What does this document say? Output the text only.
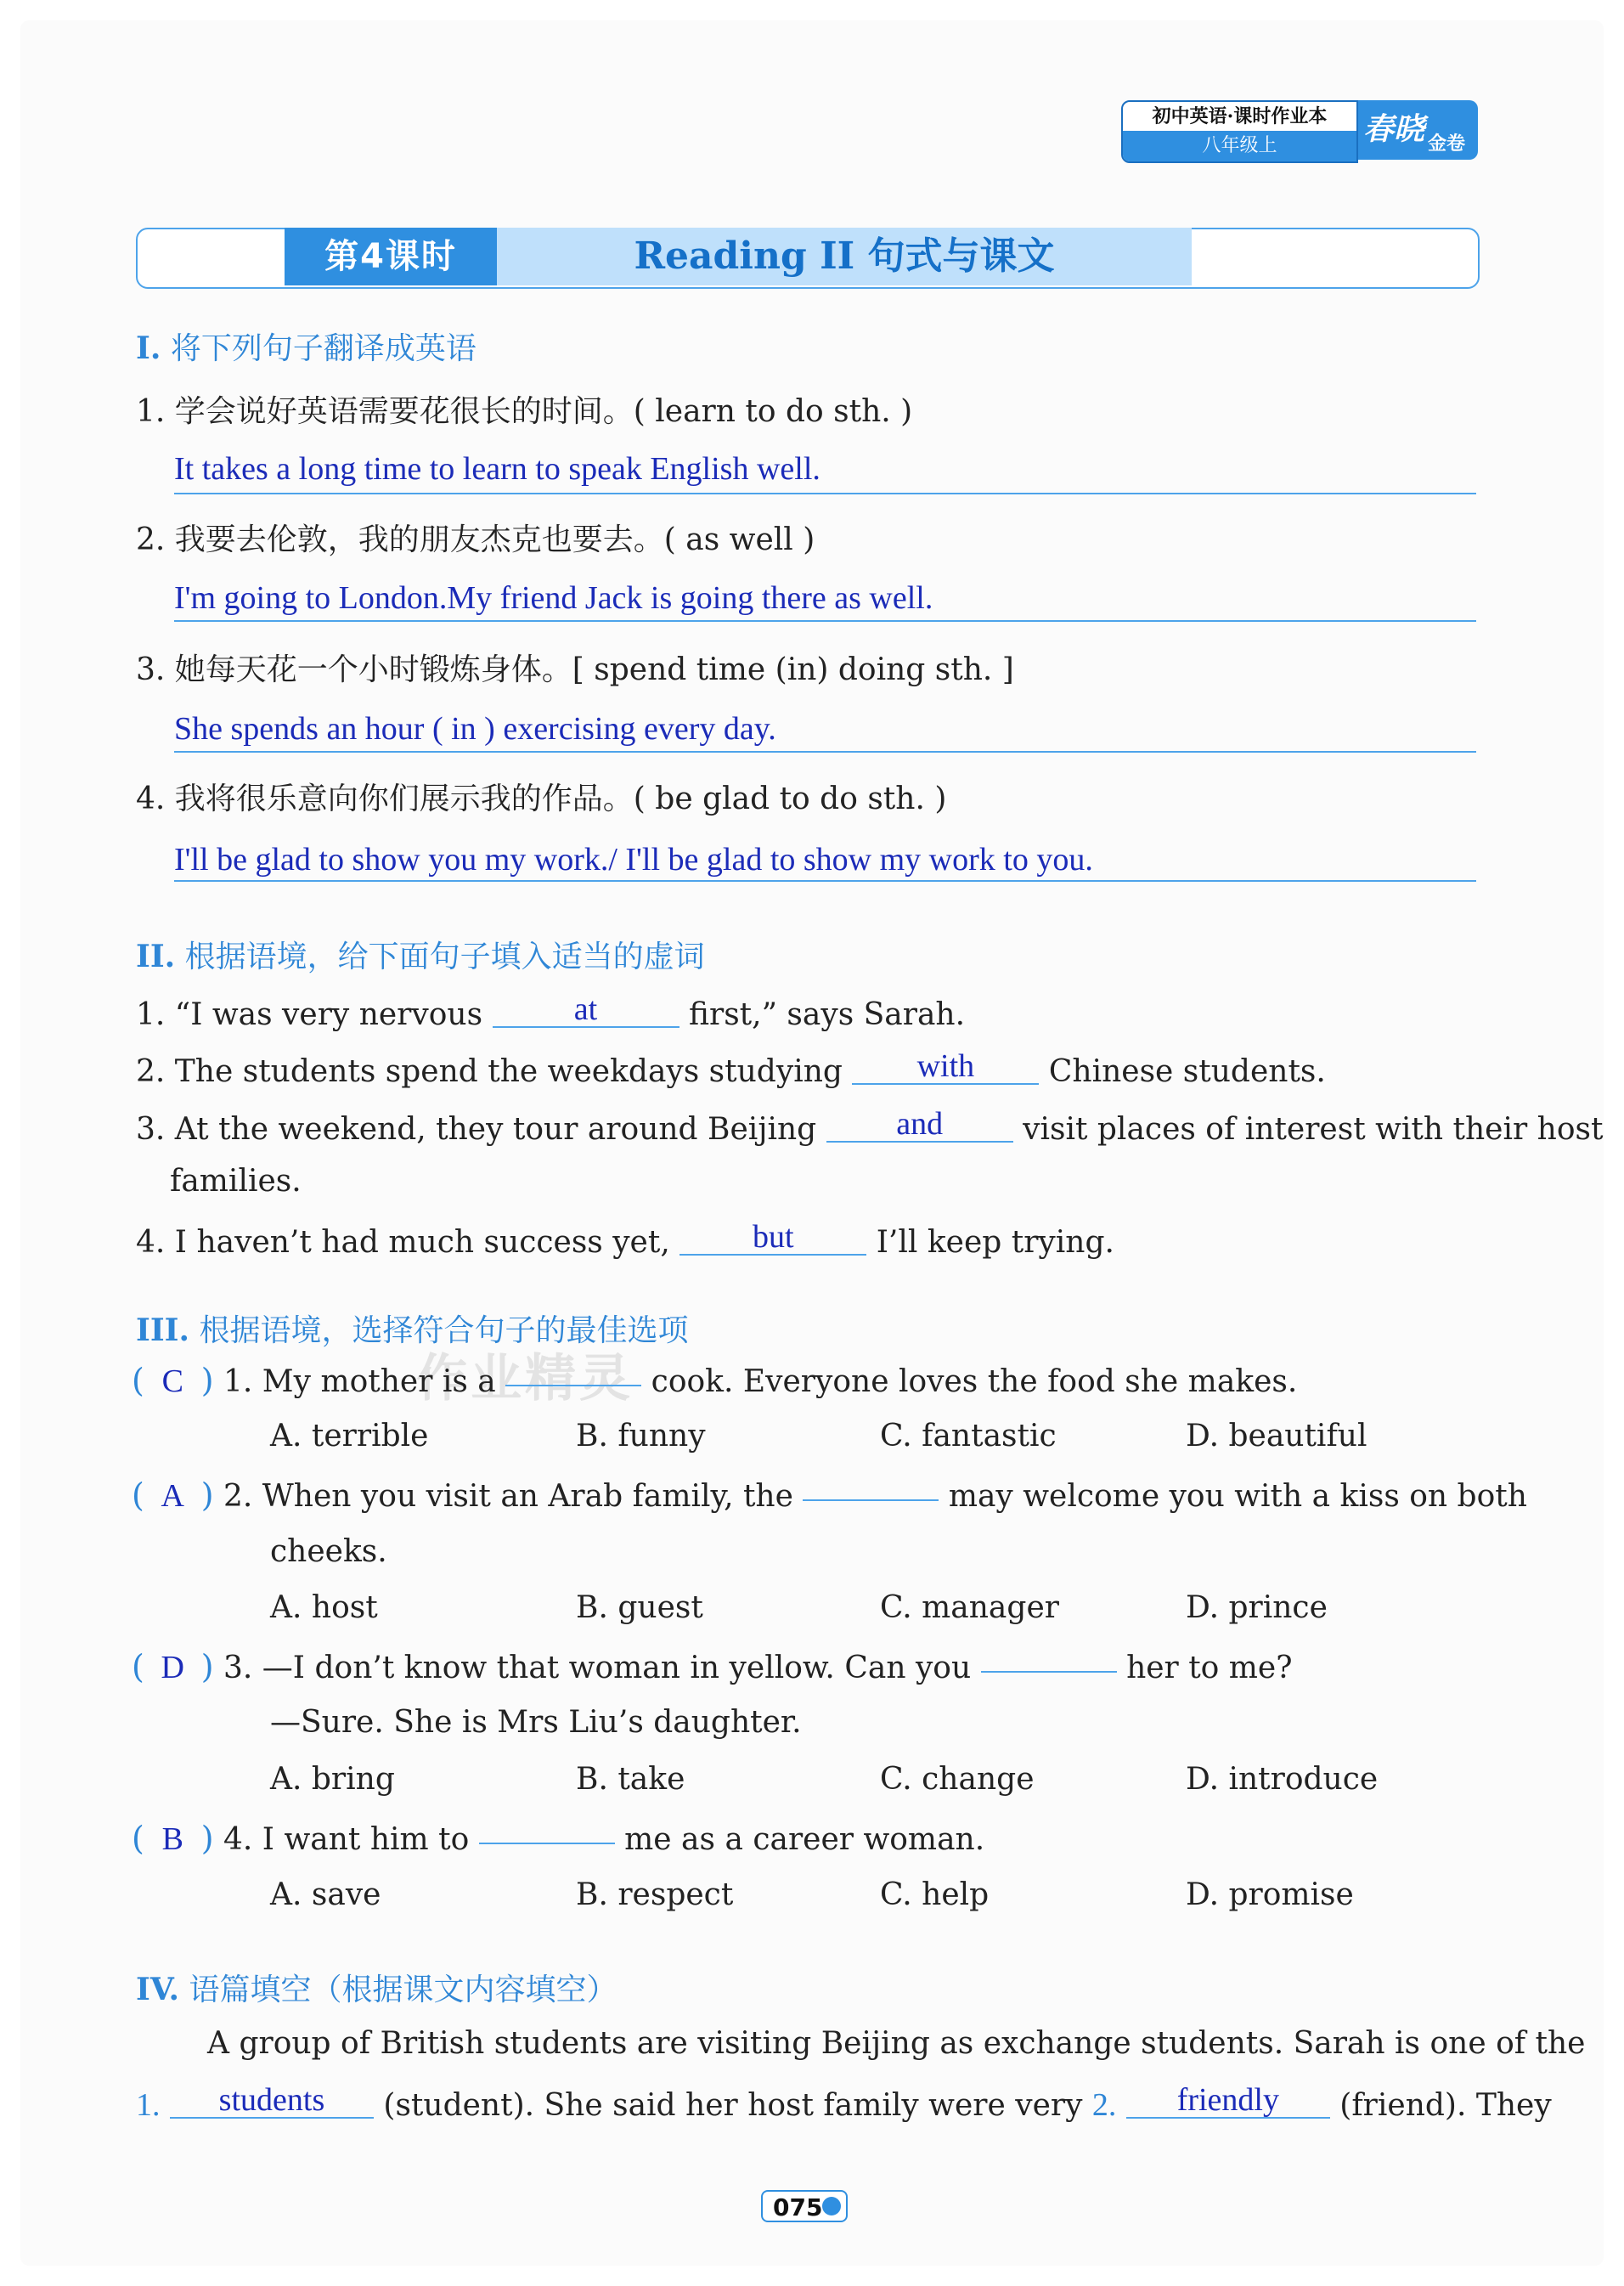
初中英语·课时作业本
八年级上	春晓 金卷
第4课时	Reading II 句式与课文
I. 将下列句子翻译成英语
1. 学会说好英语需要花很长的时间。( learn to do sth. )
It takes a long time to learn to speak English well.
2. 我要去伦敦，我的朋友杰克也要去。( as well )
I'm going to London.My friend Jack is going there as well.
3. 她每天花一个小时锻炼身体。[ spend time (in) doing sth. ]
She spends an hour ( in ) exercising every day.
4. 我将很乐意向你们展示我的作品。( be glad to do sth. )
I'll be glad to show you my work./ I'll be glad to show my work to you.
II. 根据语境，给下面句子填入适当的虚词
1. “I was very nervous	at	first,” says Sarah.
2. The students spend the weekdays studying with Chinese students.
3. At the weekend, they tour around Beijing and	visit places of interest with their host
families.
4. I haven’t had much success yet,	but	I’ll keep trying.
III. 根据语境，选择符合句子的最佳选项
作业精灵
( C ) 1. My mother is a	cook. Everyone loves the food she makes.
A. terrible	B. funny	C. fantastic	D. beautiful
( A ) 2. When you visit an Arab family, the	may welcome you with a kiss on both
cheeks.
A. host	B. guest	C. manager	D. prince
( D ) 3. —I don’t know that woman in yellow. Can you	her to me?
—Sure. She is Mrs Liu’s daughter.
A. bring	B. take	C. change	D. introduce
( B ) 4. I want him to	me as a career woman.
A. save	B. respect	C. help	D. promise
IV. 语篇填空（根据课文内容填空）
A group of British students are visiting Beijing as exchange students. Sarah is one of the
1. students (student). She said her host family were very 2. friendly (friend). They
075
